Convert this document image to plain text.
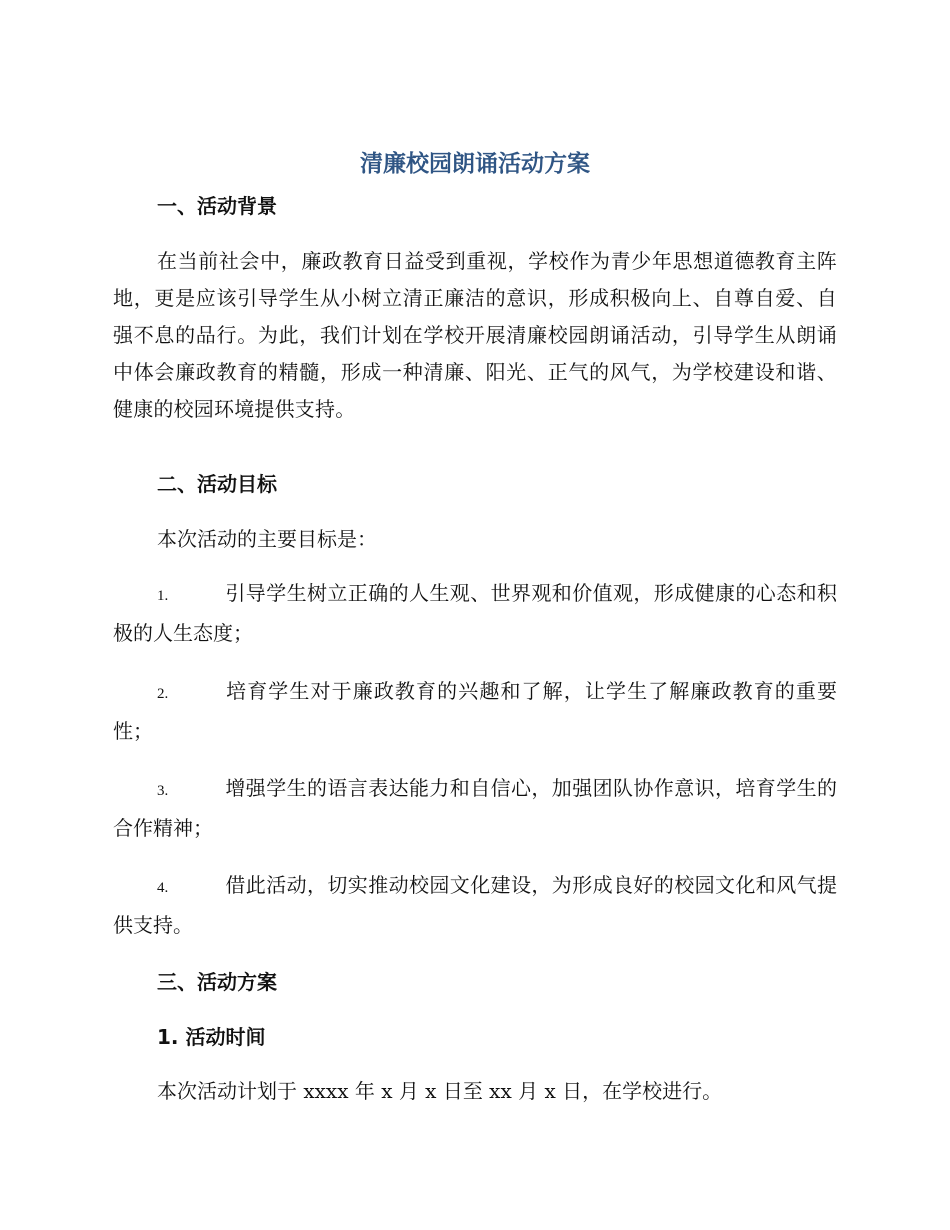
清廉校园朗诵活动方案
一、活动背景

在当前社会中，廉政教育日益受到重视，学校作为青少年思想道德教育主阵地，更是应该引导学生从小树立清正廉洁的意识，形成积极向上、自尊自爱、自强不息的品行。为此，我们计划在学校开展清廉校园朗诵活动，引导学生从朗诵中体会廉政教育的精髓，形成一种清廉、阳光、正气的风气，为学校建设和谐、健康的校园环境提供支持。

二、活动目标

本次活动的主要目标是：

1.	引导学生树立正确的人生观、世界观和价值观，形成健康的心态和积极的人生态度；

2.	培育学生对于廉政教育的兴趣和了解，让学生了解廉政教育的重要性；

3.	增强学生的语言表达能力和自信心，加强团队协作意识，培育学生的合作精神；

4.	借此活动，切实推动校园文化建设，为形成良好的校园文化和风气提供支持。

三、活动方案
1. 活动时间

本次活动计划于 xxxx 年 x 月 x 日至 xx 月 x 日，在学校进行。
